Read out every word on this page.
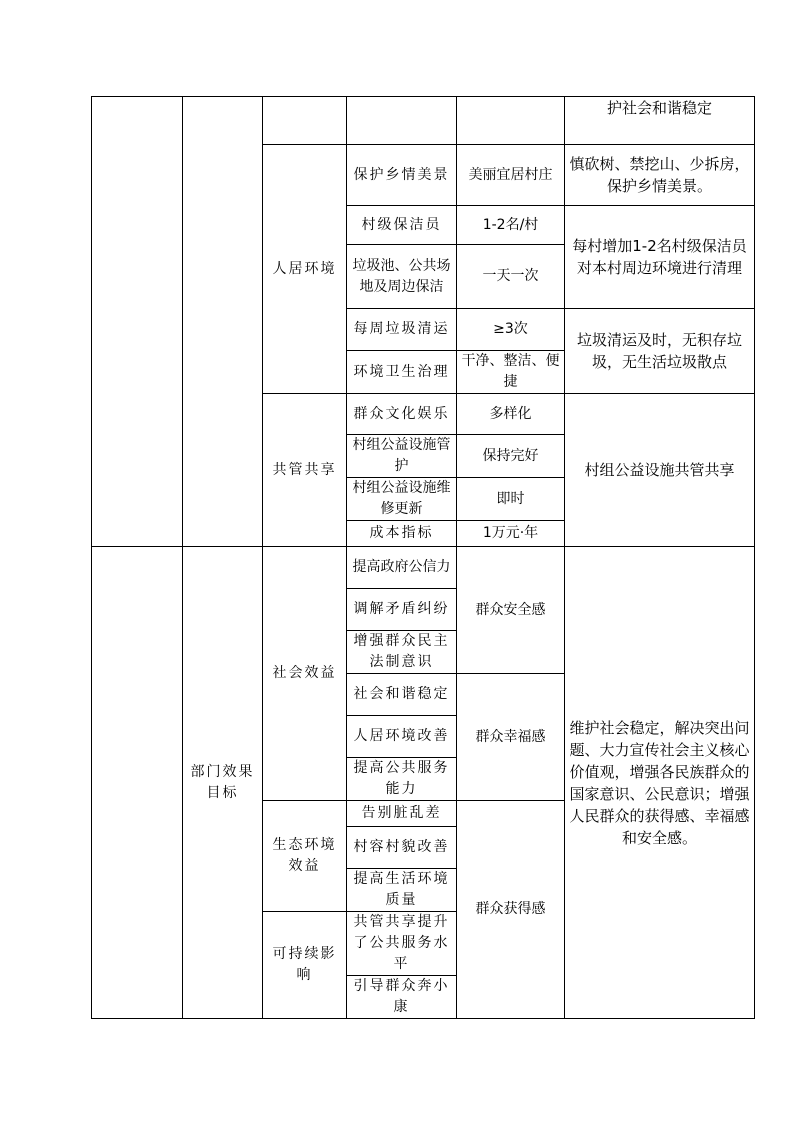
					护社会和谐稳定
		人居环境	保护乡情美景	美丽宜居村庄	慎砍树、禁挖山、少拆房，保护乡情美景。
			村级保洁员	1-2名/村	每村增加1-2名村级保洁员对本村周边环境进行清理
			垃圾池、公共场地及周边保洁	一天一次	
			每周垃圾清运	≥3次	垃圾清运及时，无积存垃圾，无生活垃圾散点
			环境卫生治理	干净、整洁、便捷	
		共管共享	群众文化娱乐	多样化	村组公益设施共管共享
			村组公益设施管护	保持完好	
			村组公益设施维修更新	即时	
			成本指标	1万元·年	
	部门效果目标	社会效益	提高政府公信力	群众安全感	维护社会稳定，解决突出问题、大力宣传社会主义核心价值观，增强各民族群众的国家意识、公民意识；增强人民群众的获得感、幸福感和安全感。
			调解矛盾纠纷		
			增强群众民主法制意识		
			社会和谐稳定	群众幸福感	
			人居环境改善		
			提高公共服务能力		
		生态环境效益	告别脏乱差	群众获得感	
			村容村貌改善		
			提高生活环境质量		
		可持续影响	共管共享提升了公共服务水平		
			引导群众奔小康		
